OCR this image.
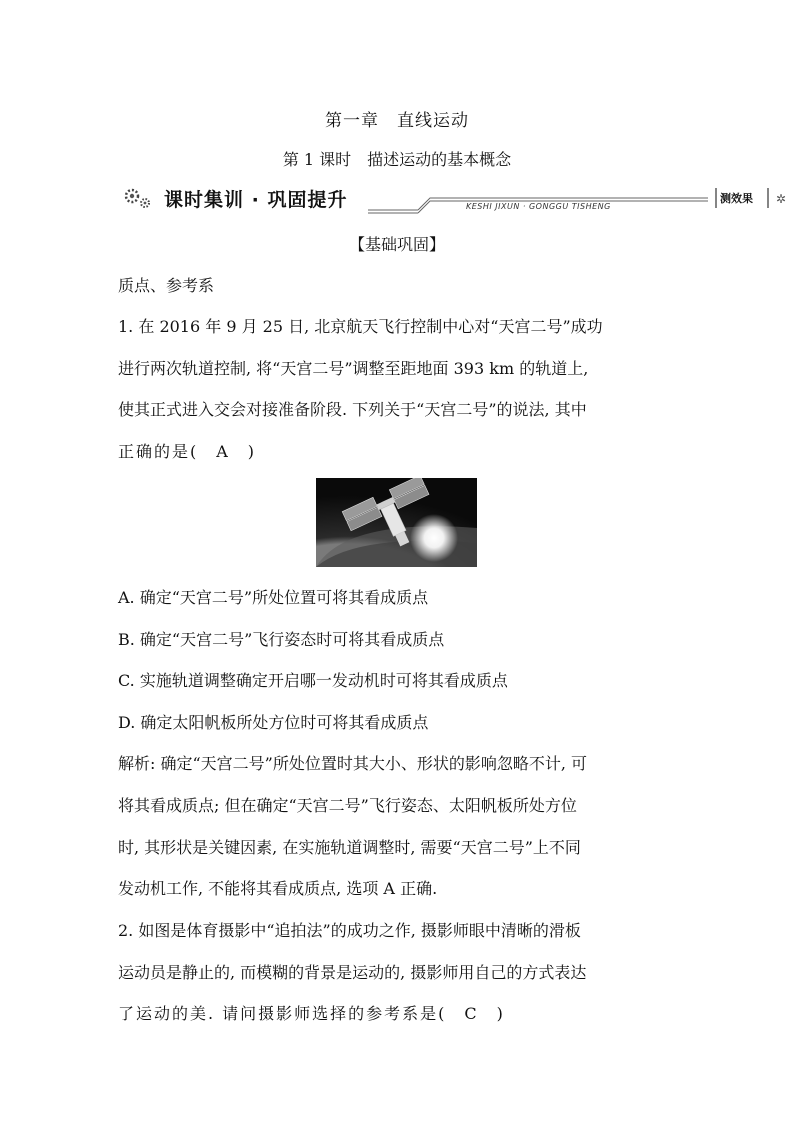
第一章　直线运动
第 1 课时　描述运动的基本概念
✲
课时集训 · 巩固提升	KESHI JIXUN · GONGGU TISHENG
测效果
【基础巩固】
质点、参考系
1. 在 2016 年 9 月 25 日, 北京航天飞行控制中心对“天宫二号”成功
进行两次轨道控制, 将“天宫二号”调整至距地面 393 km 的轨道上,
使其正式进入交会对接准备阶段. 下列关于“天宫二号”的说法, 其中
正确的是(　A　)
A. 确定“天宫二号”所处位置可将其看成质点
B. 确定“天宫二号”飞行姿态时可将其看成质点
C. 实施轨道调整确定开启哪一发动机时可将其看成质点
D. 确定太阳帆板所处方位时可将其看成质点
解析: 确定“天宫二号”所处位置时其大小、形状的影响忽略不计, 可
将其看成质点; 但在确定“天宫二号”飞行姿态、太阳帆板所处方位
时, 其形状是关键因素, 在实施轨道调整时, 需要“天宫二号”上不同
发动机工作, 不能将其看成质点, 选项 A 正确.
2. 如图是体育摄影中“追拍法”的成功之作, 摄影师眼中清晰的滑板
运动员是静止的, 而模糊的背景是运动的, 摄影师用自己的方式表达
了运动的美. 请问摄影师选择的参考系是(　C　)
